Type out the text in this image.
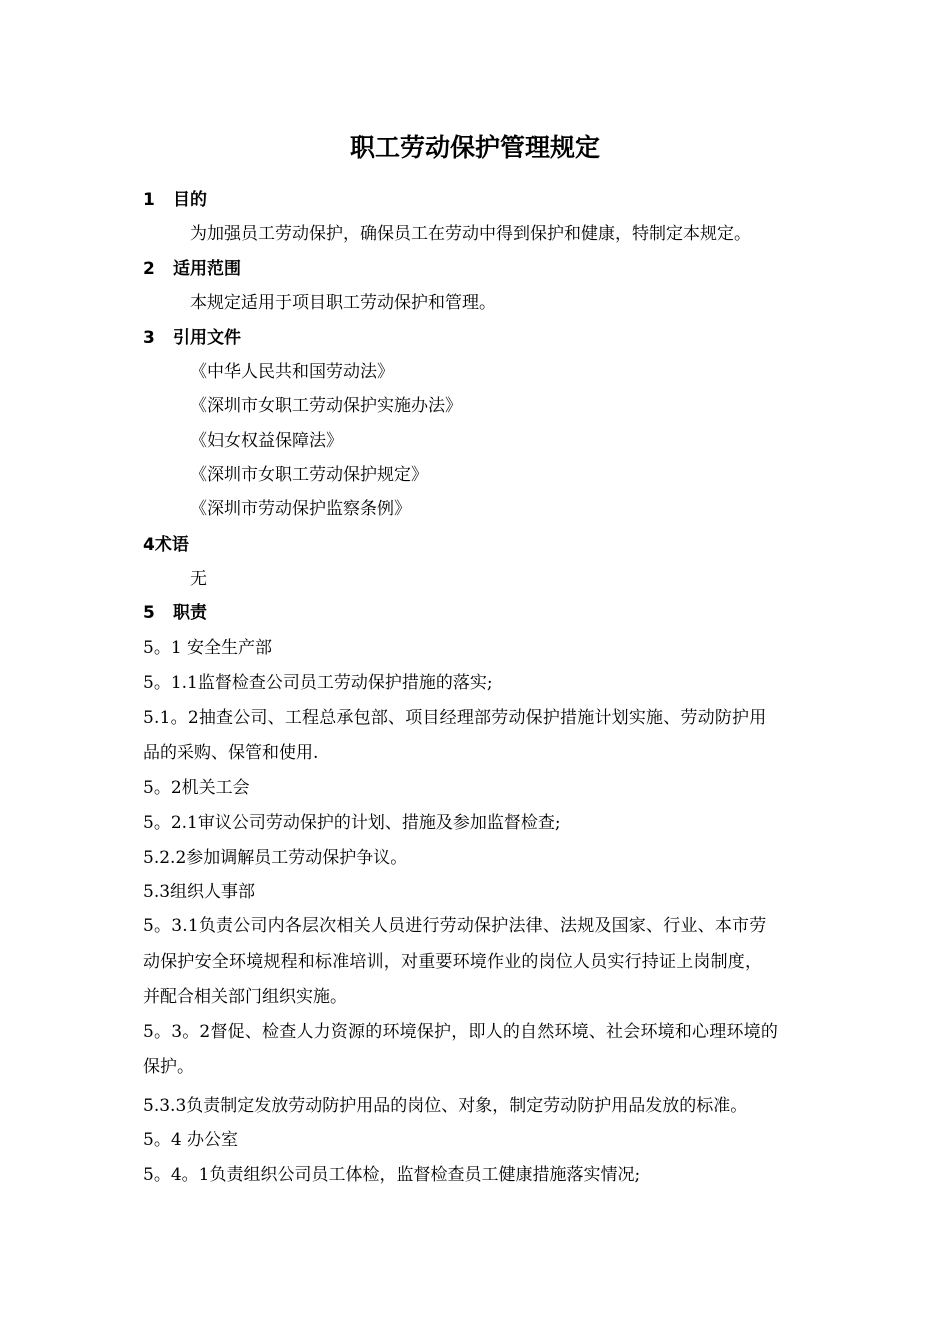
职工劳动保护管理规定
1 目的
为加强员工劳动保护，确保员工在劳动中得到保护和健康，特制定本规定。
2 适用范围
本规定适用于项目职工劳动保护和管理。
3 引用文件
《中华人民共和国劳动法》
《深圳市女职工劳动保护实施办法》
《妇女权益保障法》
《深圳市女职工劳动保护规定》
《深圳市劳动保护监察条例》
4术语
无
5 职责
5。1 安全生产部
5。1.1监督检查公司员工劳动保护措施的落实;
5.1。2抽查公司、工程总承包部、项目经理部劳动保护措施计划实施、劳动防护用
品的采购、保管和使用.
5。2机关工会
5。2.1审议公司劳动保护的计划、措施及参加监督检查;
5.2.2参加调解员工劳动保护争议。
5.3组织人事部
5。3.1负责公司内各层次相关人员进行劳动保护法律、法规及国家、行业、本市劳
动保护安全环境规程和标准培训，对重要环境作业的岗位人员实行持证上岗制度，
并配合相关部门组织实施。
5。3。2督促、检查人力资源的环境保护，即人的自然环境、社会环境和心理环境的
保护。
5.3.3负责制定发放劳动防护用品的岗位、对象，制定劳动防护用品发放的标准。
5。4 办公室
5。4。1负责组织公司员工体检，监督检查员工健康措施落实情况;
